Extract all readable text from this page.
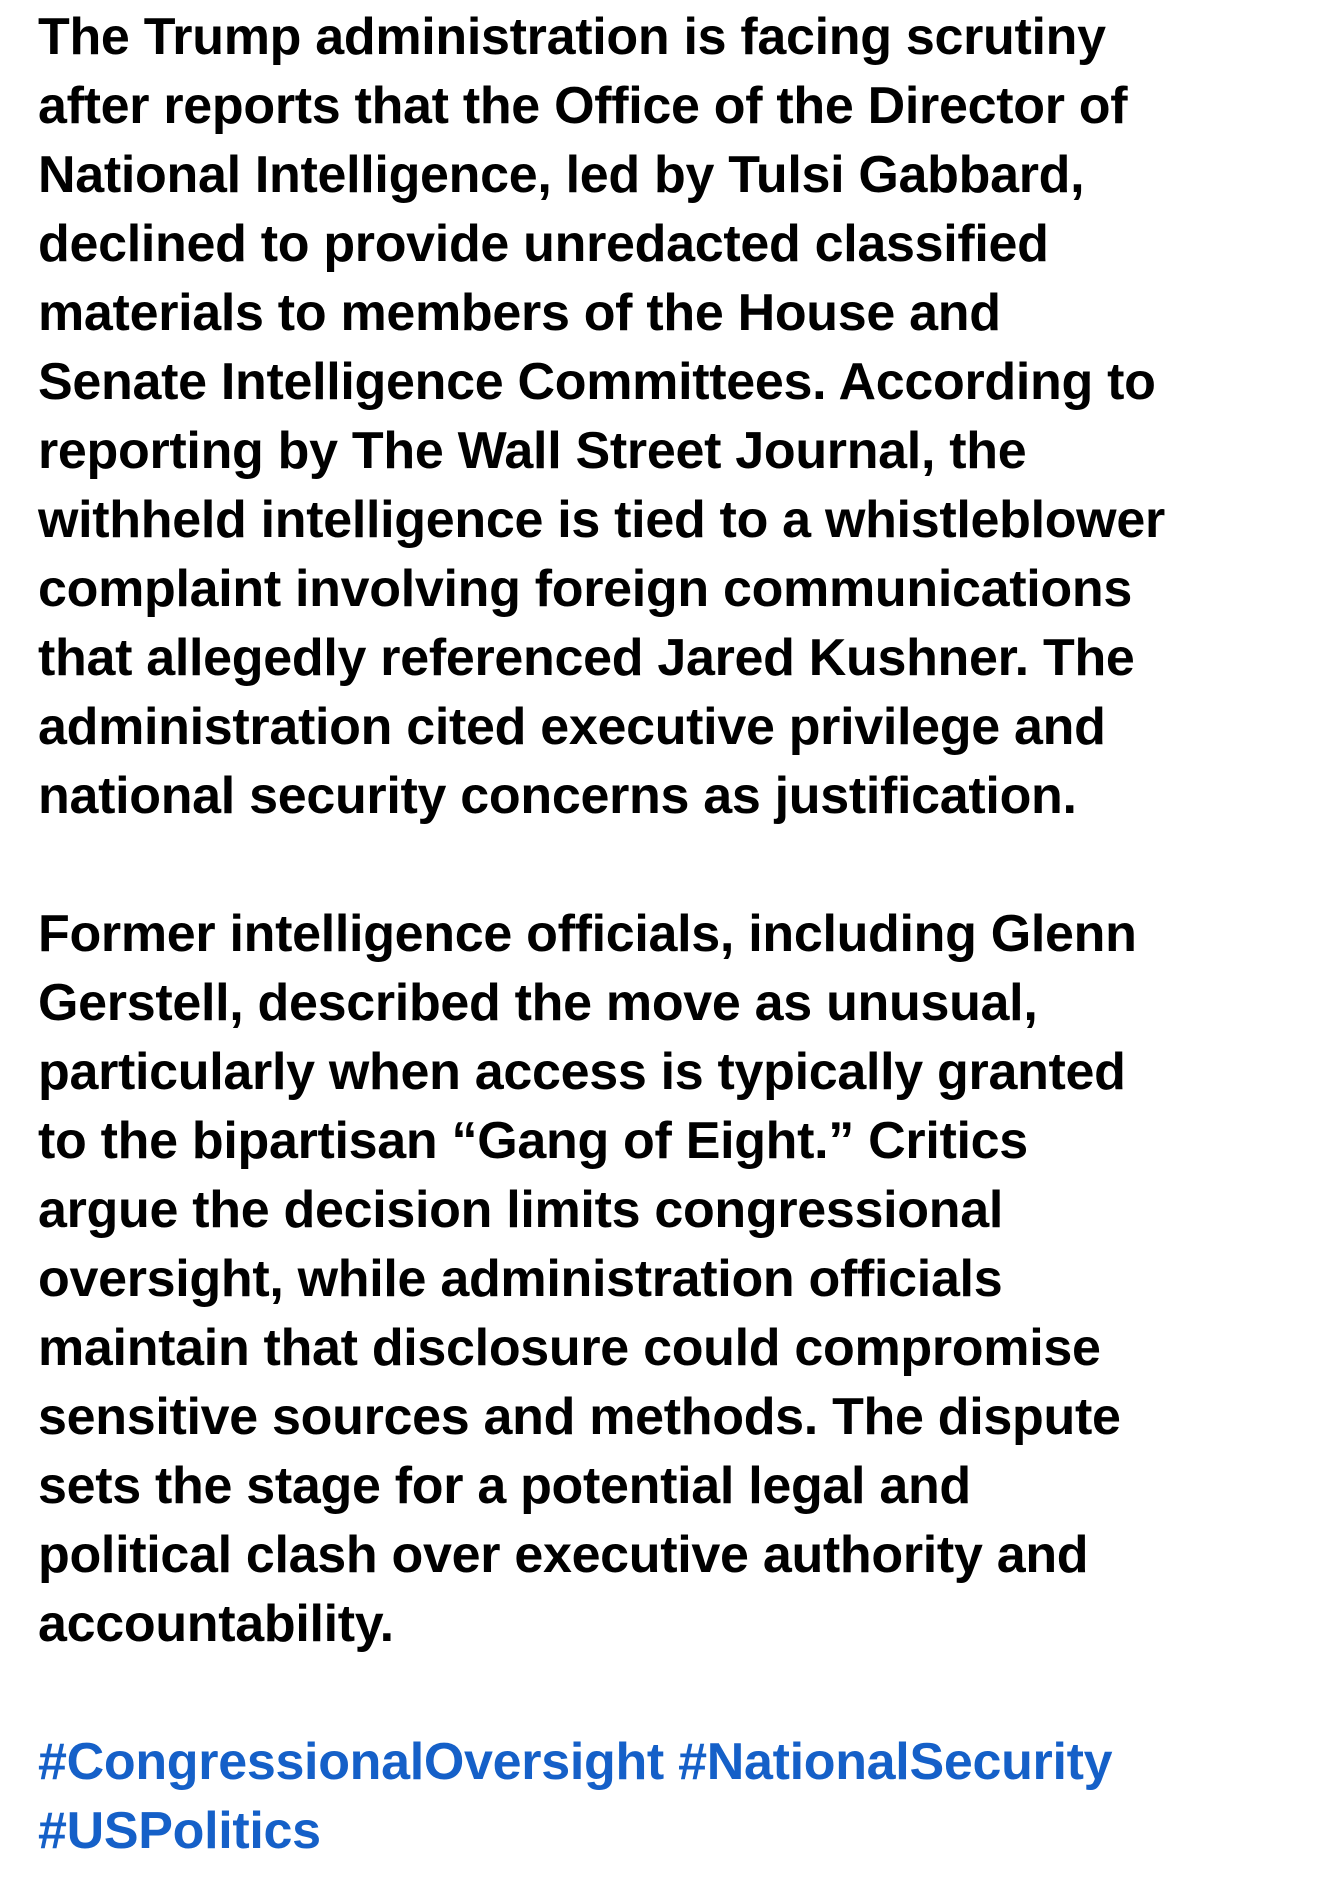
The Trump administration is facing scrutiny
after reports that the Office of the Director of
National Intelligence, led by Tulsi Gabbard,
declined to provide unredacted classified
materials to members of the House and
Senate Intelligence Committees. According to
reporting by The Wall Street Journal, the
withheld intelligence is tied to a whistleblower
complaint involving foreign communications
that allegedly referenced Jared Kushner. The
administration cited executive privilege and
national security concerns as justification.
Former intelligence officials, including Glenn
Gerstell, described the move as unusual,
particularly when access is typically granted
to the bipartisan “Gang of Eight.” Critics
argue the decision limits congressional
oversight, while administration officials
maintain that disclosure could compromise
sensitive sources and methods. The dispute
sets the stage for a potential legal and
political clash over executive authority and
accountability.
#CongressionalOversight #NationalSecurity
#USPolitics
